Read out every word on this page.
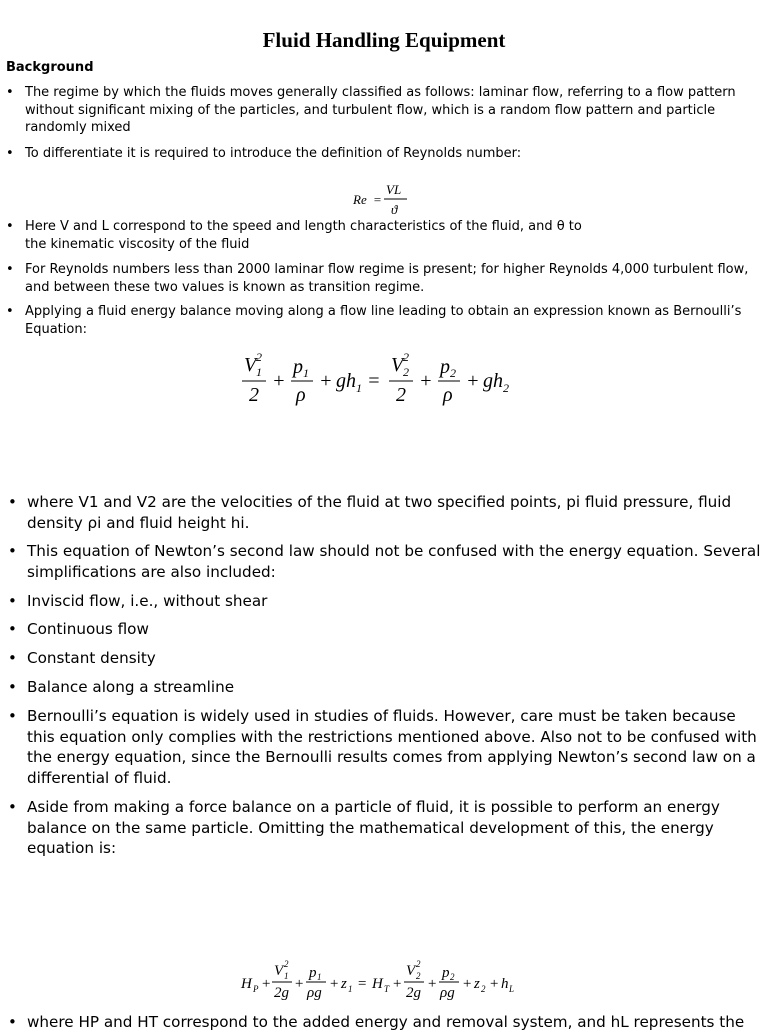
Fluid Handling Equipment
Background
• The regime by which the fluids moves generally classified as follows: laminar flow, referring to a flow pattern without significant mixing of the particles, and turbulent flow, which is a random flow pattern and particle randomly mixed
• To differentiate it is required to introduce the definition of Reynolds number:
• Here V and L correspond to the speed and length characteristics of the fluid, and θ to the kinematic viscosity of the fluid
• For Reynolds numbers less than 2000 laminar flow regime is present; for higher Reynolds 4,000 turbulent flow, and between these two values is known as transition regime.
• Applying a fluid energy balance moving along a flow line leading to obtain an expression known as Bernoulli’s Equation:
Re =
VL
ϑ
V 2
1
2
+
p 1
ρ
+ gh 1 =
V 2
2
2
+
p 2
ρ
+ gh 2
• where V1 and V2 are the velocities of the fluid at two specified points, pi fluid pressure, fluid density ρi and fluid height hi.
• This equation of Newton’s second law should not be confused with the energy equation. Several simplifications are also included:
• Inviscid flow, i.e., without shear
• Continuous flow
• Constant density
• Balance along a streamline
• Bernoulli’s equation is widely used in studies of fluids. However, care must be taken because this equation only complies with the restrictions mentioned above. Also not to be confused with the energy equation, since the Bernoulli results comes from applying Newton’s second law on a differential of fluid.
• Aside from making a force balance on a particle of fluid, it is possible to perform an energy balance on the same particle. Omitting the mathematical development of this, the energy equation is:
• where HP and HT correspond to the added energy and removal system, and hL represents the
H P +
V 2
1
2g
+
p 1
ρg
+ z 1 = H T +
V 2
2
2g
+
p 2
ρg
+ z 2 + h L
